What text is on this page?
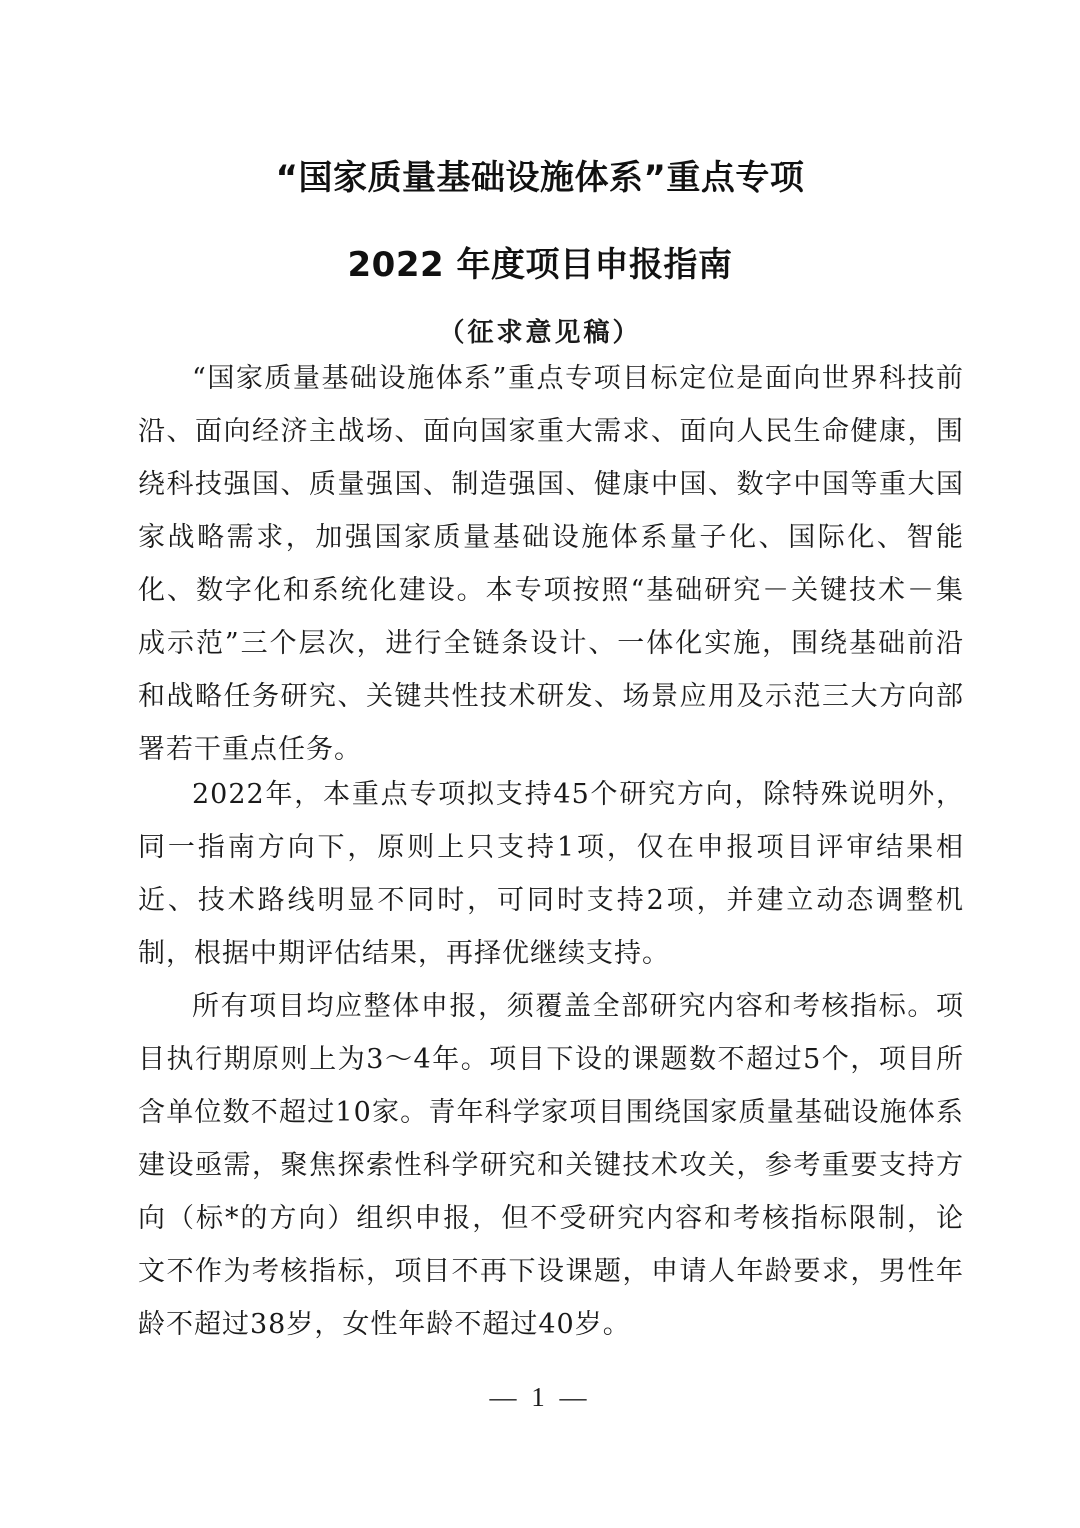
“国家质量基础设施体系”重点专项
2022 年度项目申报指南
（征求意见稿）

“国家质量基础设施体系”重点专项目标定位是面向世界科技前沿、面向经济主战场、面向国家重大需求、面向人民生命健康，围绕科技强国、质量强国、制造强国、健康中国、数字中国等重大国家战略需求，加强国家质量基础设施体系量子化、国际化、智能化、数字化和系统化建设。本专项按照“基础研究－关键技术－集成示范”三个层次，进行全链条设计、一体化实施，围绕基础前沿和战略任务研究、关键共性技术研发、场景应用及示范三大方向部署若干重点任务。

2022年，本重点专项拟支持45个研究方向，除特殊说明外，同一指南方向下，原则上只支持1项，仅在申报项目评审结果相近、技术路线明显不同时，可同时支持2项，并建立动态调整机制，根据中期评估结果，再择优继续支持。

所有项目均应整体申报，须覆盖全部研究内容和考核指标。项目执行期原则上为3～4年。项目下设的课题数不超过5个，项目所含单位数不超过10家。青年科学家项目围绕国家质量基础设施体系建设亟需，聚焦探索性科学研究和关键技术攻关，参考重要支持方向（标*的方向）组织申报，但不受研究内容和考核指标限制，论文不作为考核指标，项目不再下设课题，申请人年龄要求，男性年龄不超过38岁，女性年龄不超过40岁。

— 1 —
